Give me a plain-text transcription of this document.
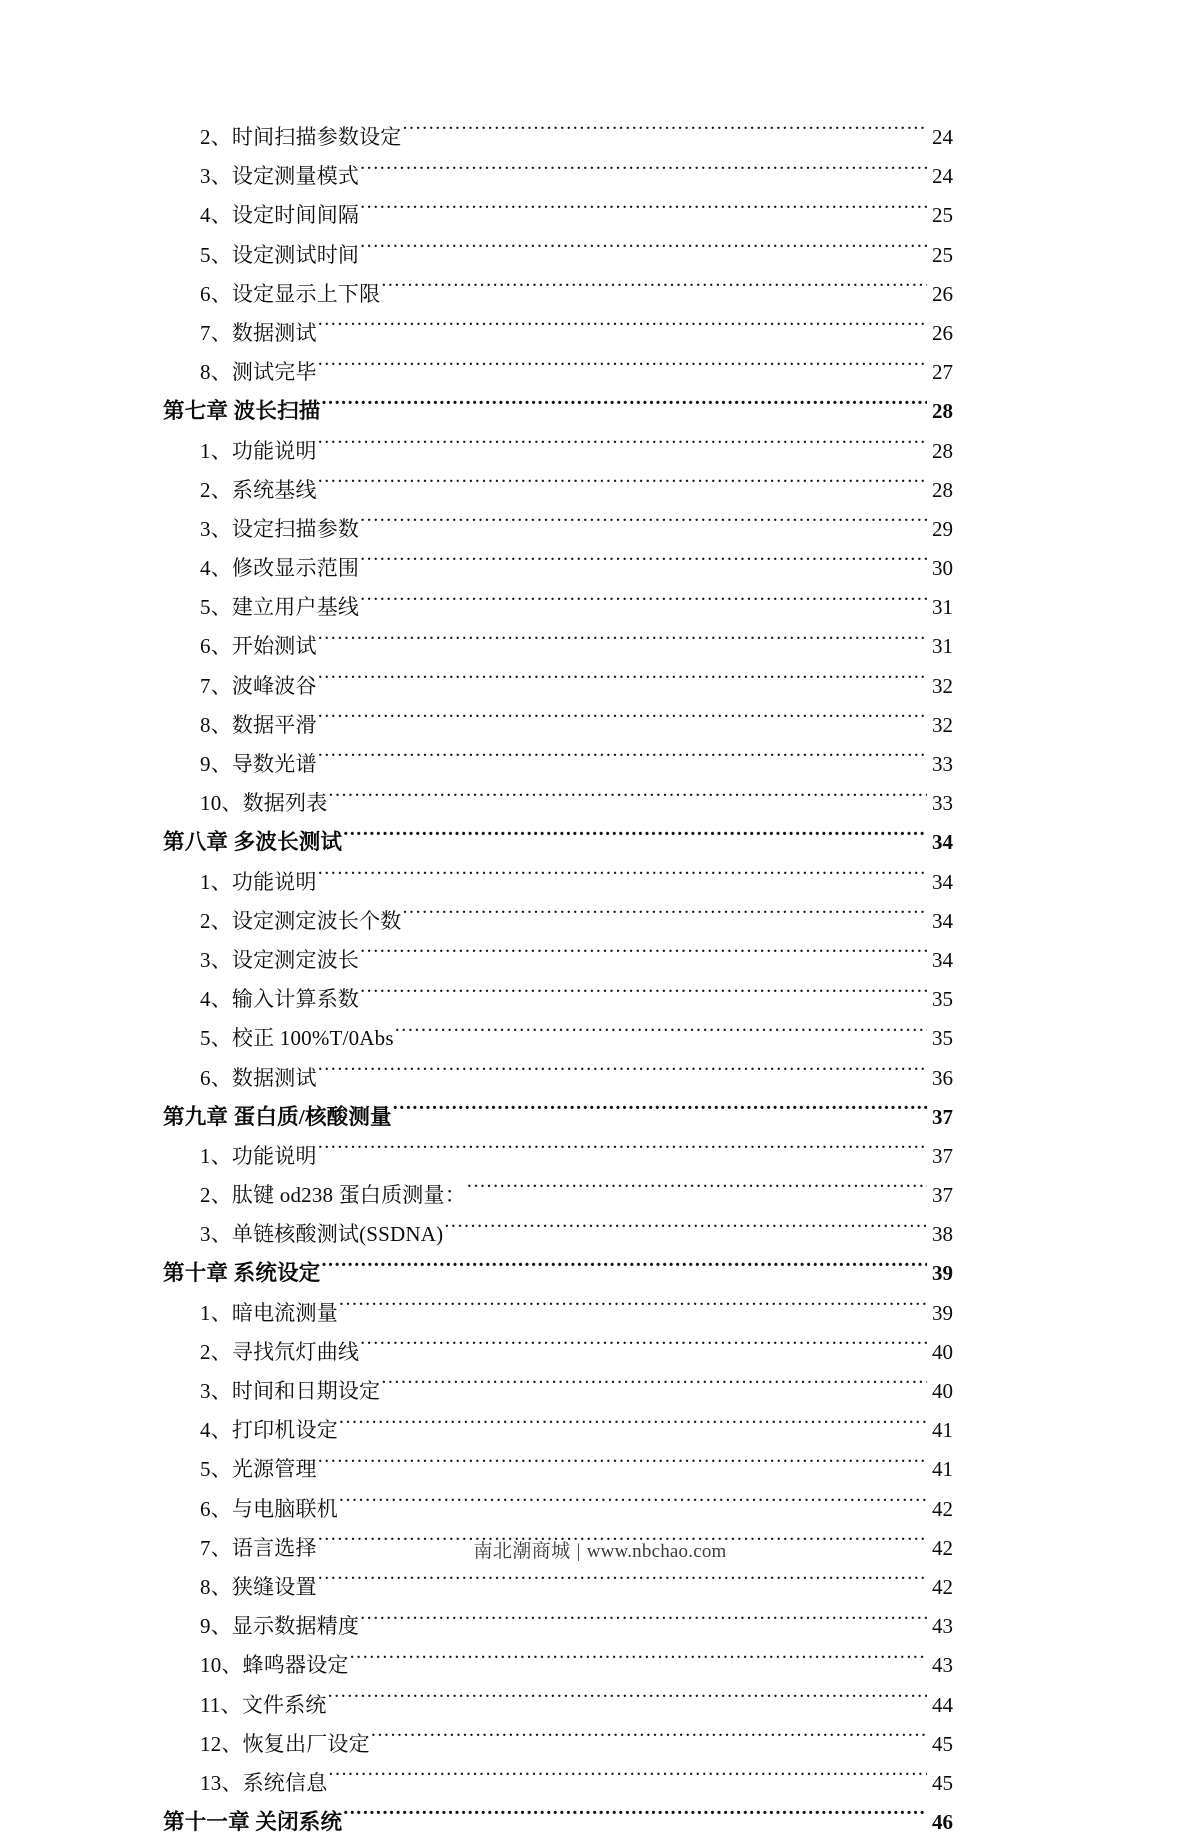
2、时间扫描参数设定 .....	24
3、设定测量模式 .....	24
4、设定时间间隔 .....	25
5、设定测试时间 .....	25
6、设定显示上下限 .....	26
7、数据测试 .....	26
8、测试完毕 .....	27
第七章 波长扫描 .....	28
1、功能说明 .....	28
2、系统基线 .....	28
3、设定扫描参数 .....	29
4、修改显示范围 .....	30
5、建立用户基线 .....	31
6、开始测试 .....	31
7、波峰波谷 .....	32
8、数据平滑 .....	32
9、导数光谱 .....	33
10、数据列表 .....	33
第八章 多波长测试 .....	34
1、功能说明 .....	34
2、设定测定波长个数 .....	34
3、设定测定波长 .....	34
4、输入计算系数 .....	35
5、校正 100%T/0Abs .....	35
6、数据测试 .....	36
第九章 蛋白质/核酸测量 .....	37
1、功能说明 .....	37
2、肽键 od238 蛋白质测量： .....	37
3、单链核酸测试(SSDNA) .....	38
第十章 系统设定 .....	39
1、暗电流测量 .....	39
2、寻找氘灯曲线 .....	40
3、时间和日期设定 .....	40
4、打印机设定 .....	41
5、光源管理 .....	41
6、与电脑联机 .....	42
7、语言选择 .....	42
8、狭缝设置 .....	42
9、显示数据精度 .....	43
10、蜂鸣器设定 .....	43
11、文件系统 .....	44
12、恢复出厂设定 .....	45
13、系统信息 .....	45
第十一章 关闭系统 .....	46
南北潮商城 | www.nbchao.com
